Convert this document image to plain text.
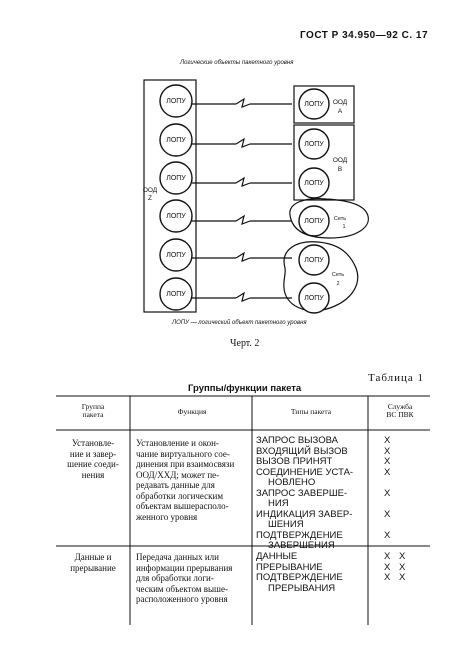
ГОСТ Р 34.950—92 С. 17
Логические объекты пакетного уровня
ЛОПУ
ЛОПУ
ЛОПУ
ЛОПУ
ЛОПУ
ЛОПУ
ЛОПУ
ЛОПУ
ЛОПУ
ЛОПУ
ЛОПУ
ЛОПУ
ООД
Z
ООД
A
ООД
B
Сеть
1
Сеть
2
ЛОПУ — логический объект пакетного уровня
Черт. 2
Таблица 1
Группы/функции пакета
Группа
пакета	Функция	Типы пакета
Служба
ВС ПВК
Установле-
ние и завер-
шение соеди-
нения
Установление и окон-
чание виртуального сое-
динения при взаимосвязи
ООД/ХХД; может пе-
редавать данные для
обработки логическим
объектам вышерасполо-
женного уровня
ЗАПРОС ВЫЗОВА
ВХОДЯЩИЙ ВЫЗОВ
ВЫЗОВ ПРИНЯТ
СОЕДИНЕНИЕ УСТА-
НОВЛЕНО
ЗАПРОС ЗАВЕРШЕ-
НИЯ
ИНДИКАЦИЯ ЗАВЕР-
ШЕНИЯ
ПОДТВЕРЖДЕНИЕ
ЗАВЕРШЕНИЯ
X
X
X
X
X
X
X
Данные и
прерывание
Передача данных или
информации прерывания
для обработки логи-
ческим объектом выше-
расположенного уровня
ДАННЫЕ
ПРЕРЫВАНИЕ
ПОДТВЕРЖДЕНИЕ
ПРЕРЫВАНИЯ
X X
X X
X X
